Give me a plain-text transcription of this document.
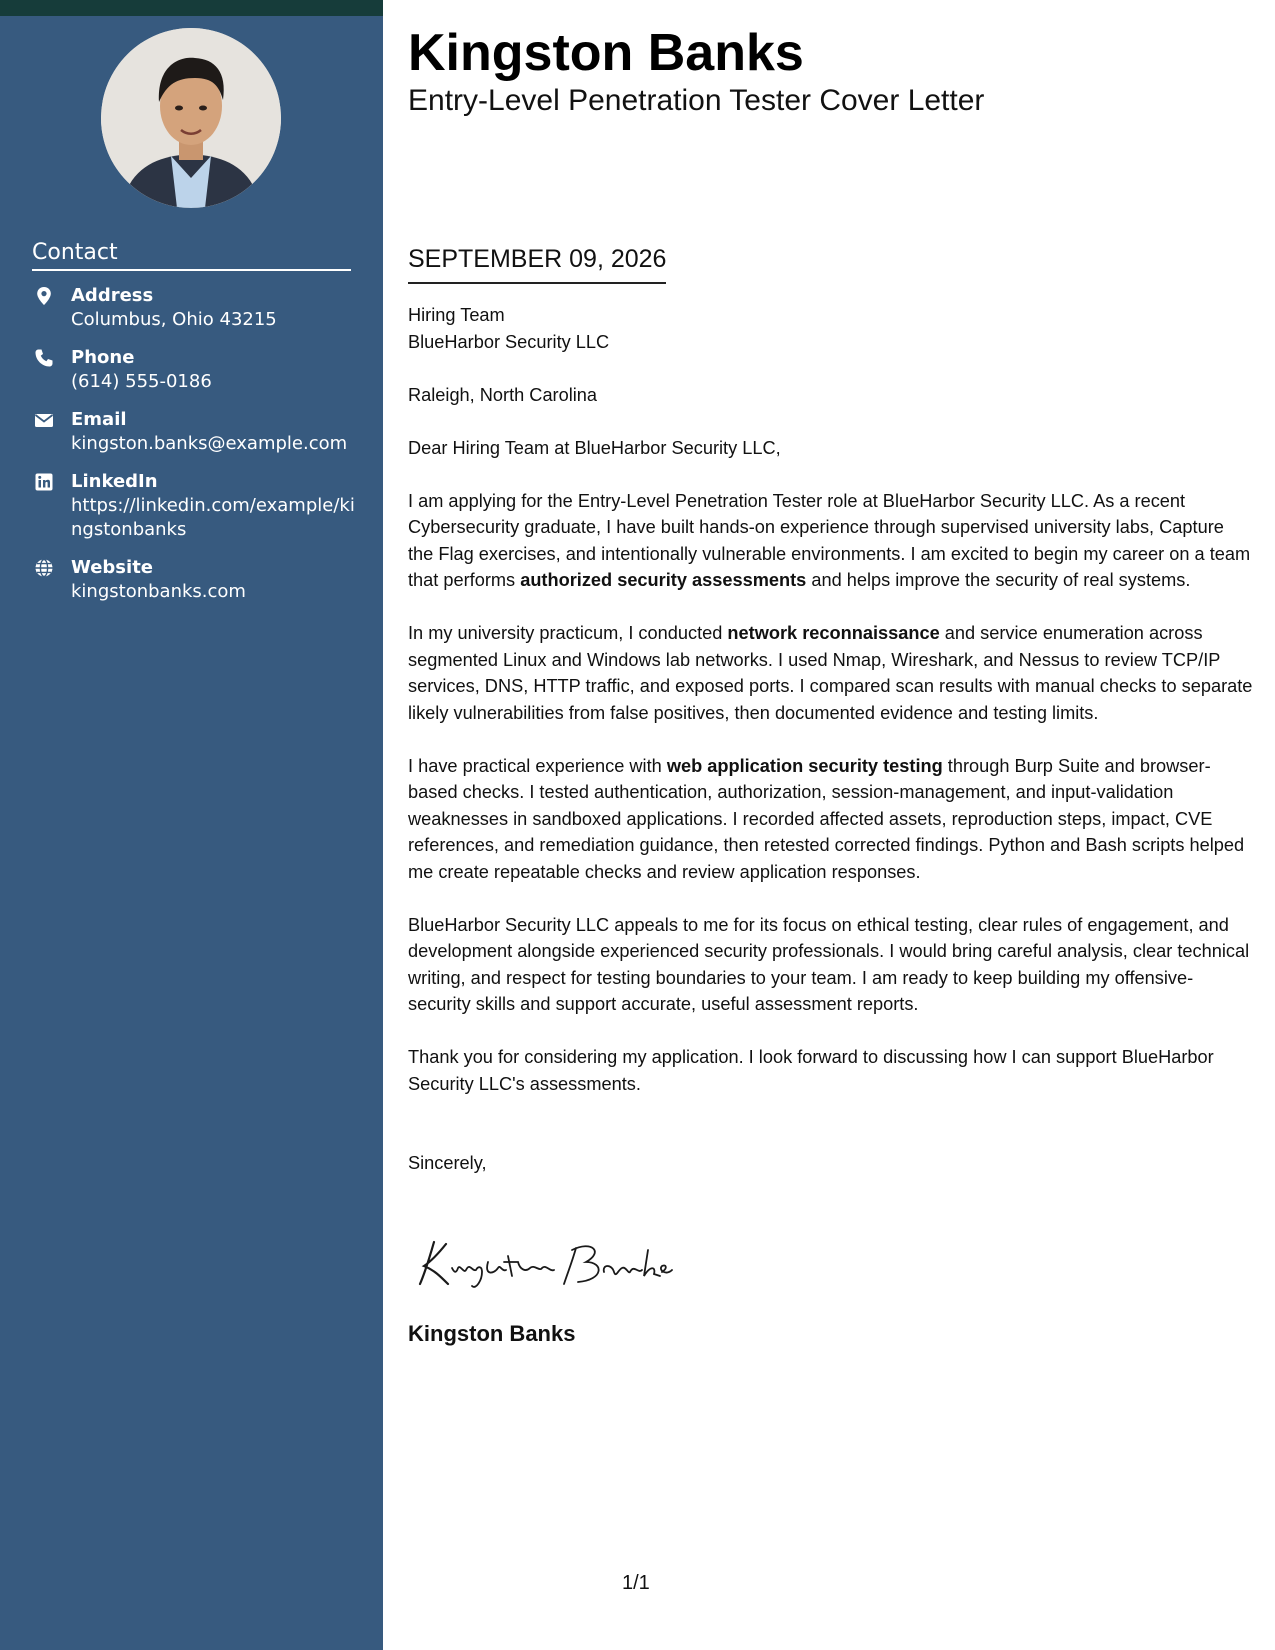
Contact
Address
Columbus, Ohio 43215
Phone
(614) 555-0186
Email
kingston.banks@example.com
LinkedIn
https://linkedin.com/example/kingstonbanks
Website
kingstonbanks.com
Kingston Banks
Entry-Level Penetration Tester Cover Letter
SEPTEMBER 09, 2026

Hiring Team

BlueHarbor Security LLC

Raleigh, North Carolina

Dear Hiring Team at BlueHarbor Security LLC,

I am applying for the Entry-Level Penetration Tester role at BlueHarbor Security LLC. As a recent Cybersecurity graduate, I have built hands-on experience through supervised university labs, Capture the Flag exercises, and intentionally vulnerable environments. I am excited to begin my career on a team that performs authorized security assessments and helps improve the security of real systems.

In my university practicum, I conducted network reconnaissance and service enumeration across segmented Linux and Windows lab networks. I used Nmap, Wireshark, and Nessus to review TCP/IP services, DNS, HTTP traffic, and exposed ports. I compared scan results with manual checks to separate likely vulnerabilities from false positives, then documented evidence and testing limits.

I have practical experience with web application security testing through Burp Suite and browser-based checks. I tested authentication, authorization, session-management, and input-validation weaknesses in sandboxed applications. I recorded affected assets, reproduction steps, impact, CVE references, and remediation guidance, then retested corrected findings. Python and Bash scripts helped me create repeatable checks and review application responses.

BlueHarbor Security LLC appeals to me for its focus on ethical testing, clear rules of engagement, and development alongside experienced security professionals. I would bring careful analysis, clear technical writing, and respect for testing boundaries to your team. I am ready to keep building my offensive-security skills and support accurate, useful assessment reports.

Thank you for considering my application. I look forward to discussing how I can support BlueHarbor Security LLC's assessments.

Sincerely,

Kingston Banks
1/1
